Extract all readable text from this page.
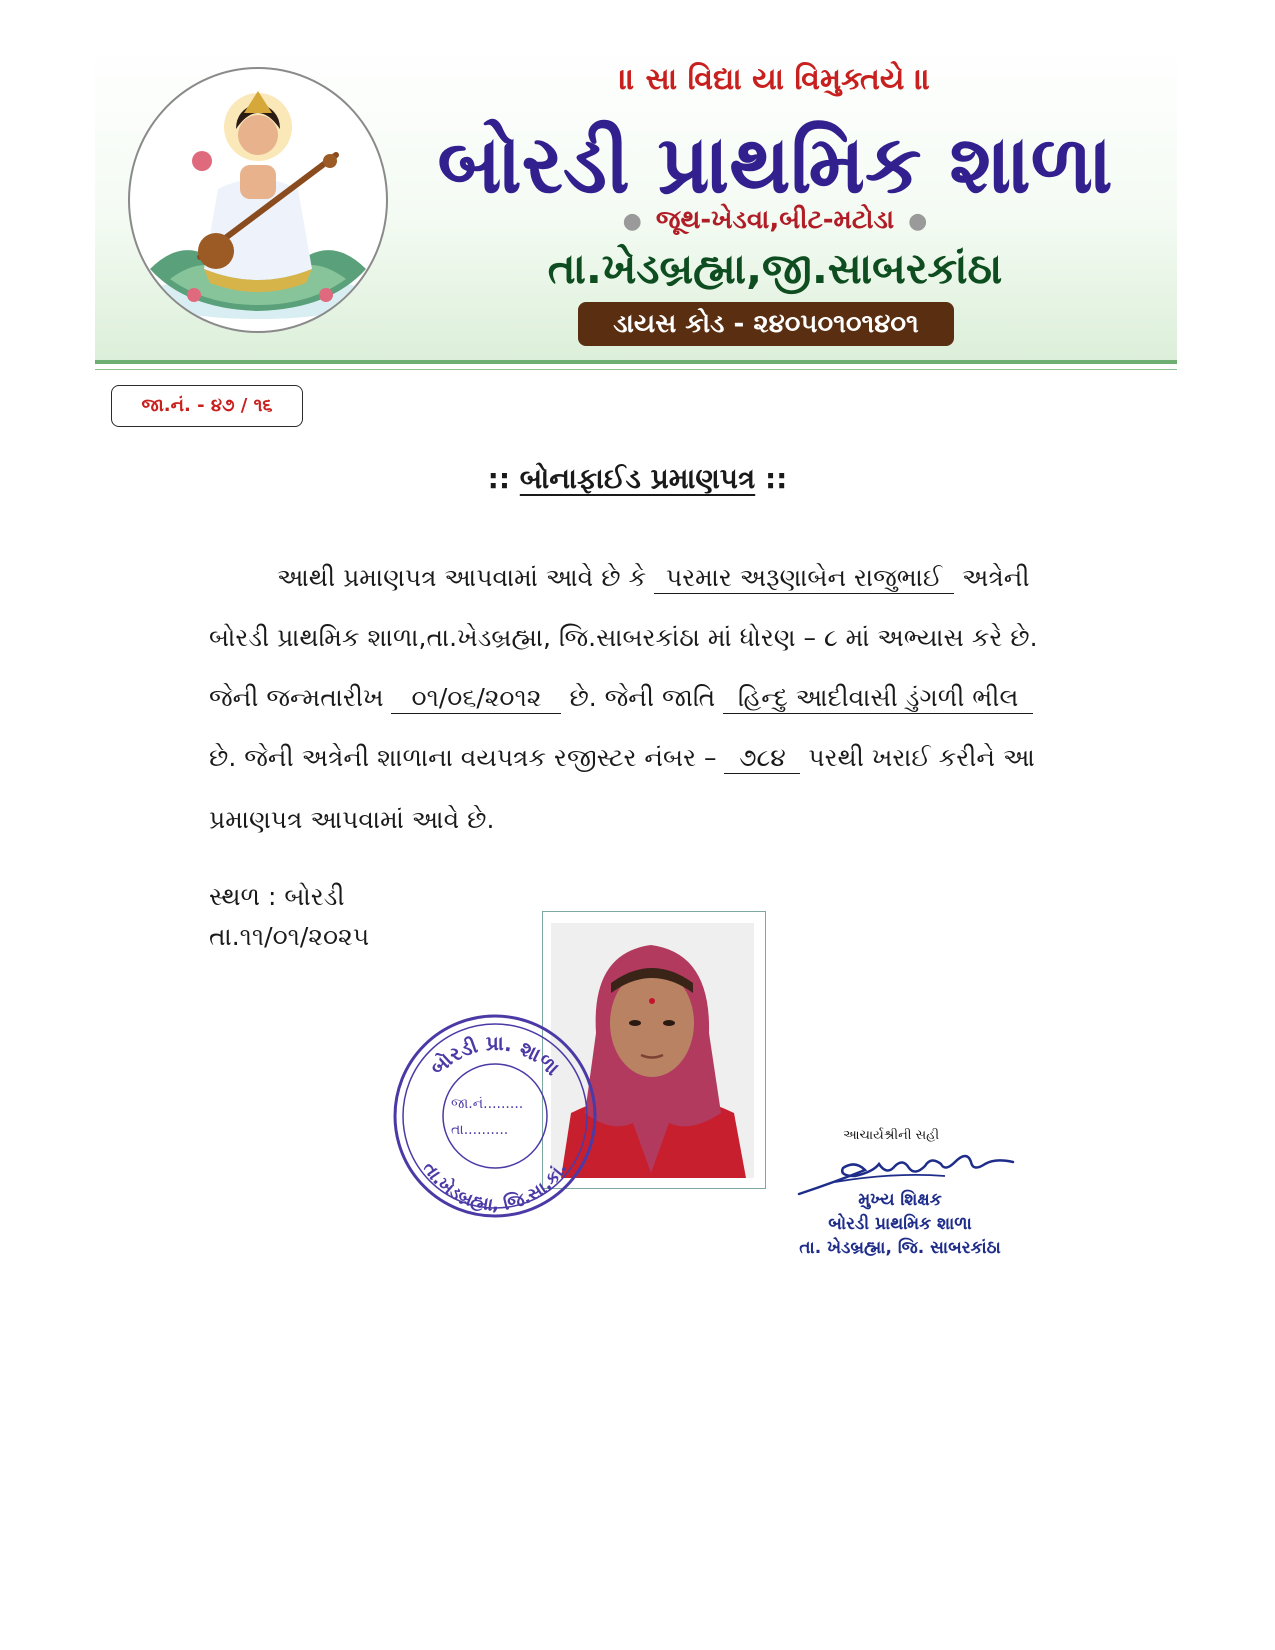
॥ સા વિદ્યા યા વિમુક્તયે ॥
બોરડી પ્રાથમિક શાળા
● જૂથ-ખેડવા,બીટ-મટોડા ●
તા.ખેડબ્રહ્મા,જી.સાબરકાંઠા
ડાયસ કોડ - ૨૪૦૫૦૧૦૧૪૦૧
જા.નં. - ૪૭ / ૧૬
:: બોનાફાઈડ પ્રમાણપત્ર ::
આથી પ્રમાણપત્ર આપવામાં આવે છે કે પરમાર અરૂણાબેન રાજુભાઈ અત્રેની
બોરડી પ્રાથમિક શાળા,તા.ખેડબ્રહ્મા, જિ.સાબરકાંઠા માં ધોરણ – ૮ માં અભ્યાસ કરે છે.
જેની જન્મતારીખ ૦૧/૦૬/૨૦૧૨ છે. જેની જાતિ હિન્દુ આદીવાસી ડુંગળી ભીલ
છે. જેની અત્રેની શાળાના વયપત્રક રજીસ્ટર નંબર – ૭૮૪ પરથી ખરાઈ કરીને આ
પ્રમાણપત્ર આપવામાં આવે છે.
સ્થળ : બોરડી
તા.૧૧/૦૧/૨૦૨૫
બોરડી પ્રા. શાળા
તા.ખેડબ્રહ્મા, જિ.સા.કાં.
જા.નં.........
તા..........	આચાર્યશ્રીની સહી
મુખ્ય શિક્ષક
બોરડી પ્રાથમિક શાળા
તા. ખેડબ્રહ્મા, જિ. સાબરકાંઠા
